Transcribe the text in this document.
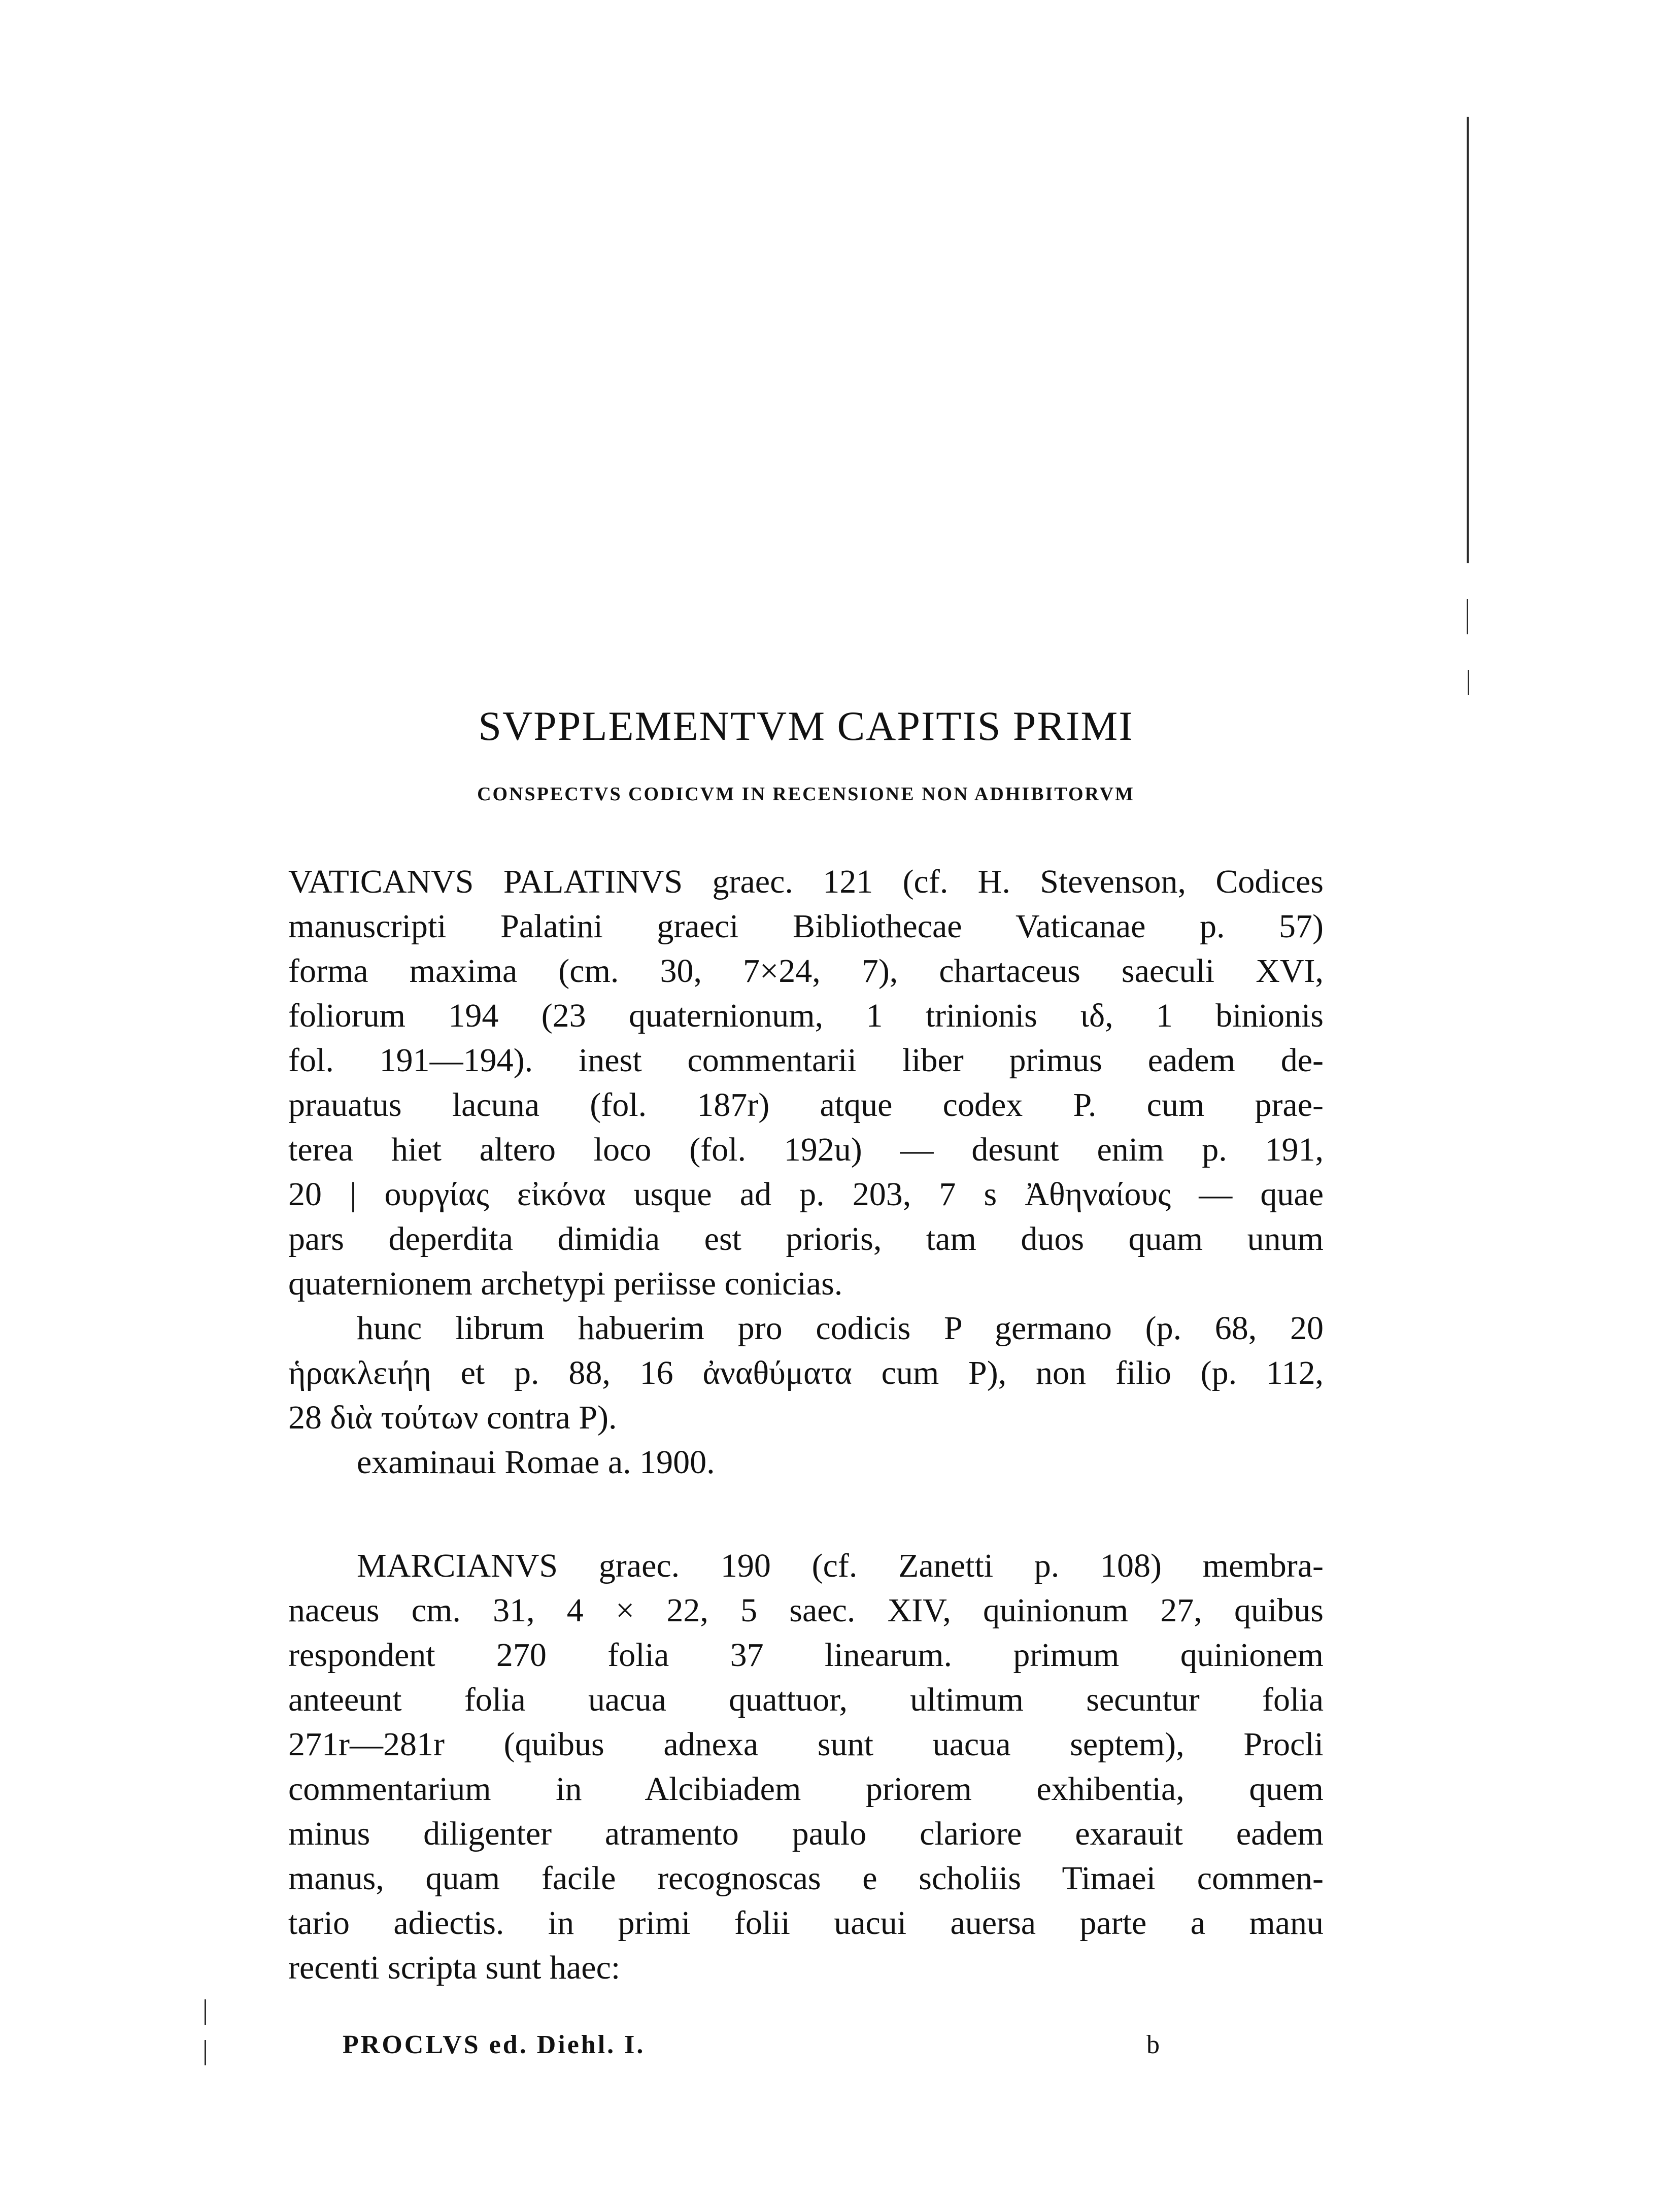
SVPPLEMENTVM CAPITIS PRIMI
CONSPECTVS CODICVM IN RECENSIONE NON ADHIBITORVM
VATICANVS PALATINVS graec. 121 (cf. H. Stevenson, Codices
manuscripti Palatini graeci Bibliothecae Vaticanae p. 57)
forma maxima (cm. 30, 7×24, 7), chartaceus saeculi XVI,
foliorum 194 (23 quaternionum, 1 trinionis ιδ, 1 binionis
fol. 191—194). inest commentarii liber primus eadem de-
prauatus lacuna (fol. 187r) atque codex P. cum prae-
terea hiet altero loco (fol. 192u) — desunt enim p. 191,
20 | ουργίας εἰκόνα usque ad p. 203, 7 s Ἀθηναίους — quae
pars deperdita dimidia est prioris, tam duos quam unum
quaternionem archetypi periisse conicias.
hunc librum habuerim pro codicis P germano (p. 68, 20
ἡρακλειήη et p. 88, 16 ἀναθύματα cum P), non filio (p. 112,
28 διὰ τούτων contra P).
examinaui Romae a. 1900.
MARCIANVS graec. 190 (cf. Zanetti p. 108) membra-
naceus cm. 31, 4 × 22, 5 saec. XIV, quinionum 27, quibus
respondent 270 folia 37 linearum. primum quinionem
anteeunt folia uacua quattuor, ultimum secuntur folia
271r—281r (quibus adnexa sunt uacua septem), Procli
commentarium in Alcibiadem priorem exhibentia, quem
minus diligenter atramento paulo clariore exarauit eadem
manus, quam facile recognoscas e scholiis Timaei commen-
tario adiectis. in primi folii uacui auersa parte a manu
recenti scripta sunt haec:
PROCLVS ed. Diehl. I.	b
